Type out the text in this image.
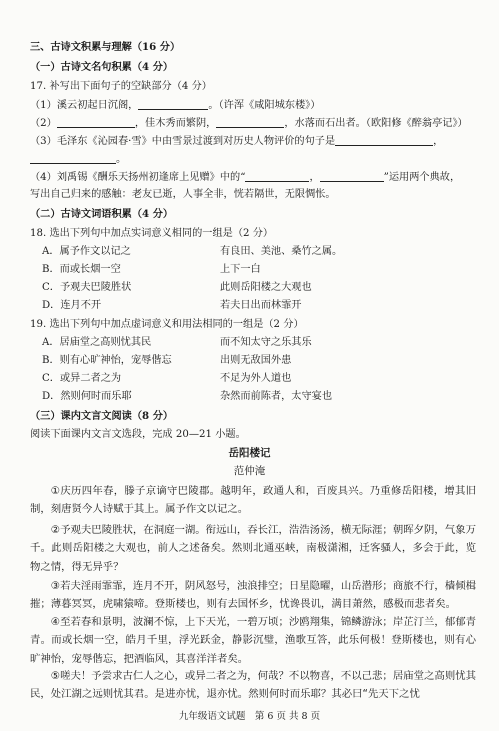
三、古诗文积累与理解（16 分）
（一）古诗文名句积累（4 分）
17. 补写出下面句子的空缺部分（4 分）
（1）溪云初起日沉阁，	。（许浑《咸阳城东楼》）
（2）	，佳木秀而繁阴，	，水落而石出者。（欧阳修《醉翁亭记》）
（3）毛泽东《沁园春·雪》中由雪景过渡到对历史人物评价的句子是	，
。
（4）刘禹锡《酬乐天扬州初逢席上见赠》中的“	，	”运用两个典故，
写出自己归来的感触：老友已逝，人事全非，恍若隔世，无限惆怅。
（二）古诗文词语积累（4 分）
18. 选出下列句中加点实词意义相同的一组是（2 分）
A．属予作文以记之	有良田、美池、桑竹之属。
B．而或长烟一空	上下一白
C．予观夫巴陵胜状	此则岳阳楼之大观也
D．连月不开	若夫日出而林霏开
19. 选出下列句中加点虚词意义和用法相同的一组是（2 分）
A．居庙堂之高则忧其民	而不知太守之乐其乐
B．则有心旷神怡，宠辱偕忘	出则无敌国外患
C．或异二者之为	不足为外人道也
D．然则何时而乐耶	杂然而前陈者，太守宴也
（三）课内文言文阅读（8 分）
阅读下面课内文言文选段，完成 20—21 小题。
岳阳楼记
范仲淹
①庆历四年春，滕子京谪守巴陵郡。越明年，政通人和，百废具兴。乃重修岳阳楼，增其旧制，刻唐贤今人诗赋于其上。属予作文以记之。
②予观夫巴陵胜状，在洞庭一湖。衔远山，吞长江，浩浩汤汤，横无际涯；朝晖夕阴，气象万千。此则岳阳楼之大观也，前人之述备矣。然则北通巫峡，南极潇湘，迁客骚人，多会于此，览物之情，得无异乎？
③若夫淫雨霏霏，连月不开，阴风怒号，浊浪排空；日星隐曜，山岳潜形；商旅不行，樯倾楫摧；薄暮冥冥，虎啸猿啼。登斯楼也，则有去国怀乡，忧谗畏讥，满目萧然，感极而悲者矣。
④至若春和景明，波澜不惊，上下天光，一碧万顷；沙鸥翔集，锦鳞游泳；岸芷汀兰，郁郁青青。而或长烟一空，皓月千里，浮光跃金，静影沉璧，渔歌互答，此乐何极！登斯楼也，则有心旷神怡，宠辱偕忘，把酒临风，其喜洋洋者矣。
⑤嗟夫！予尝求古仁人之心，或异二者之为，何哉？不以物喜，不以己悲；居庙堂之高则忧其民，处江湖之远则忧其君。是进亦忧，退亦忧。然则何时而乐耶？其必曰“先天下之忧
九年级语文试题　第 6 页 共 8 页
